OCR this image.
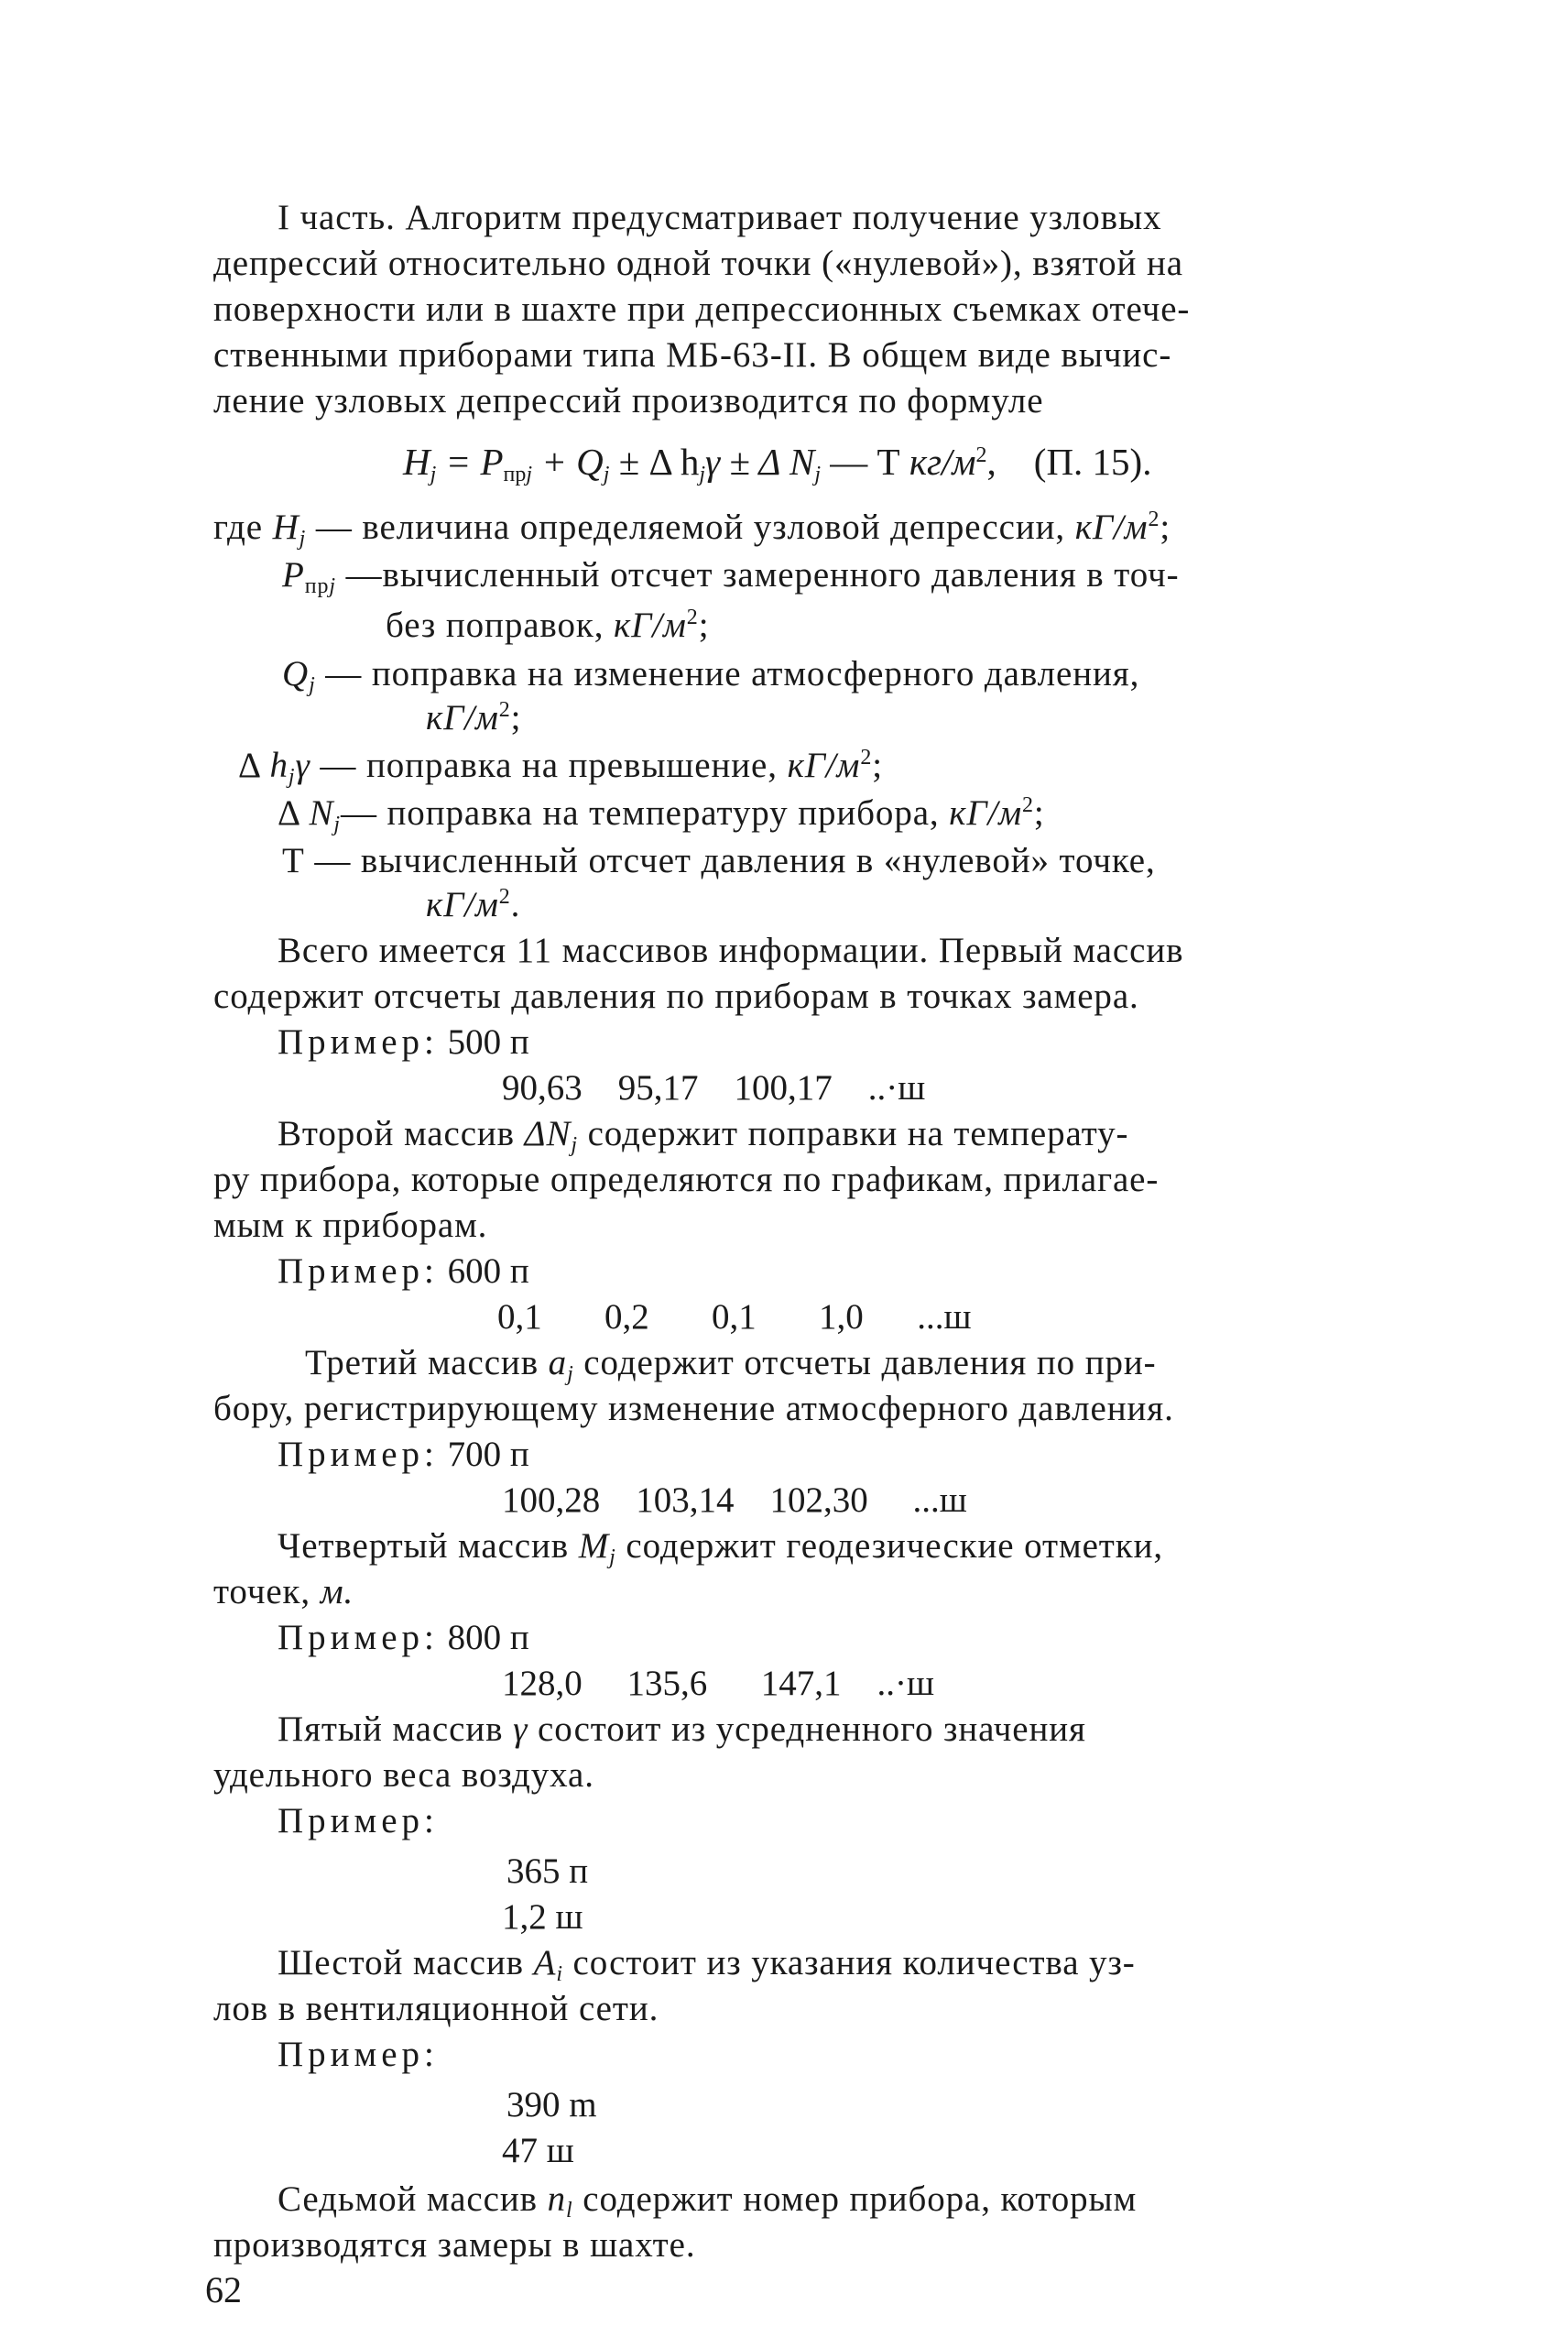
I часть. Алгоритм предусматривает получение узловых
депрессий относительно одной точки («нулевой»), взятой на
поверхности или в шахте при депрессионных съемках отече-
ственными приборами типа МБ-63-II. В общем виде вычис-
ление узловых депрессий производится по формуле
$H_j = P_{прj} + Q_j \pm \Delta$ $h_j\gamma \pm \Delta$ $N_j$ — Т $кг/м^2$, (П. 15).
где $H_j$ — величина определяемой узловой депрессии, $кГ/м^2$;
$P_{прj}$ —вычисленный отсчет замеренного давления в точ-
без поправок, $кГ/м^2$;
$Q_j$ — поправка на изменение атмосферного давления,
$кГ/м^2$;
Δ $h_j\gamma$ — поправка на превышение, $кГ/м^2$;
Δ $N_j—$ поправка на температуру прибора, $кГ/м^2$;
Т — вычисленный отсчет давления в «нулевой» точке,
$кГ/м^2$.
Всего имеется 11 массивов информации. Первый массив
содержит отсчеты давления по приборам в точках замера.
Пример: 500 п
90,63    95,17    100,17    ..·ш
Второй массив $\Delta N_j$ содержит поправки на температу-
ру прибора, которые определяются по графикам, прилагае-
мым к приборам.
Пример: 600 п
0,1       0,2       0,1       1,0      ...ш
Третий массив $a_j$ содержит отсчеты давления по при-
бору, регистрирующему изменение атмосферного давления.
Пример: 700 п
100,28    103,14    102,30     ...ш
Четвертый массив $M_j$ содержит геодезические отметки,
точек, м.
Пример: 800 п
128,0     135,6      147,1    ..·ш
Пятый массив γ состоит из усредненного значения
удельного веса воздуха.
Пример:
365 п
1,2 ш
Шестой массив $A_i$ состоит из указания количества уз-
лов в вентиляционной сети.
Пример:
390 m
47 ш
Седьмой массив $n_l$ содержит номер прибора, которым
производятся замеры в шахте.
62
